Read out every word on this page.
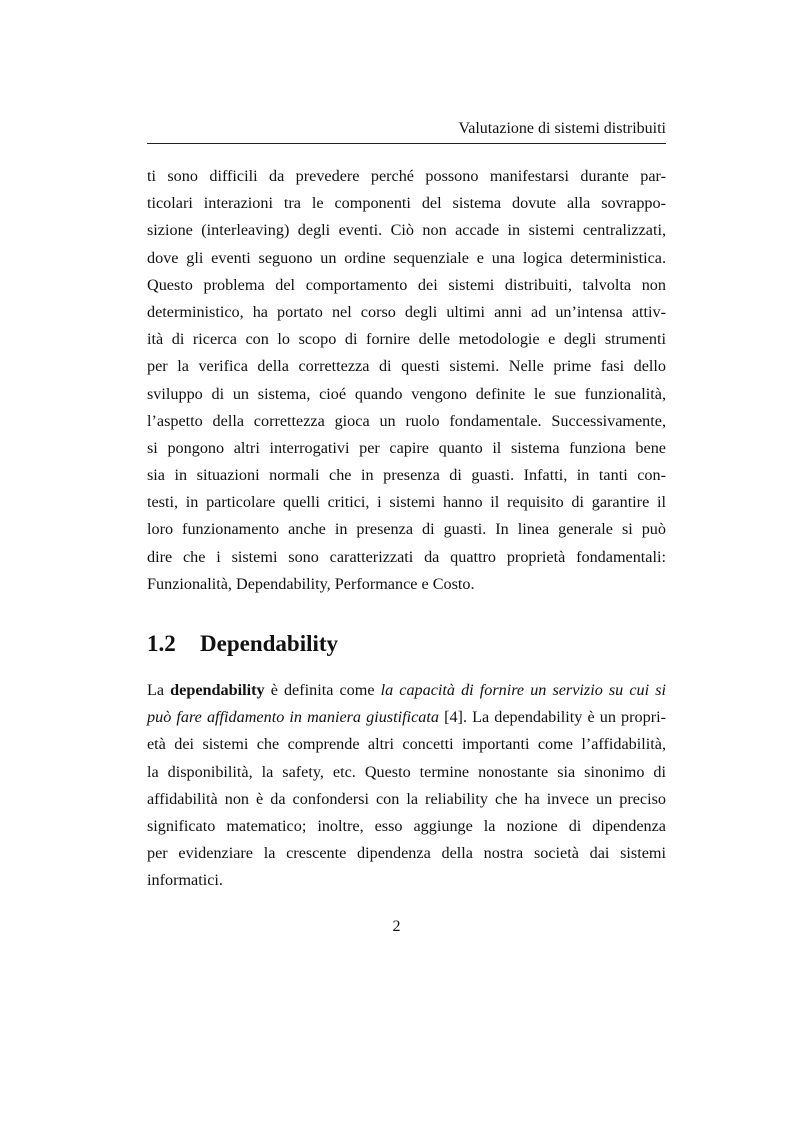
Valutazione di sistemi distribuiti

ti sono difficili da prevedere perché possono manifestarsi durante par-
ticolari interazioni tra le componenti del sistema dovute alla sovrappo-
sizione (interleaving) degli eventi. Ciò non accade in sistemi centralizzati,
dove gli eventi seguono un ordine sequenziale e una logica deterministica.
Questo problema del comportamento dei sistemi distribuiti, talvolta non
deterministico, ha portato nel corso degli ultimi anni ad un’intensa attiv-
ità di ricerca con lo scopo di fornire delle metodologie e degli strumenti
per la verifica della correttezza di questi sistemi. Nelle prime fasi dello
sviluppo di un sistema, cioé quando vengono definite le sue funzionalità,
l’aspetto della correttezza gioca un ruolo fondamentale. Successivamente,
si pongono altri interrogativi per capire quanto il sistema funziona bene
sia in situazioni normali che in presenza di guasti. Infatti, in tanti con-
testi, in particolare quelli critici, i sistemi hanno il requisito di garantire il
loro funzionamento anche in presenza di guasti. In linea generale si può
dire che i sistemi sono caratterizzati da quattro proprietà fondamentali:
Funzionalità, Dependability, Performance e Costo.

1.2 Dependability

La dependability è definita come la capacità di fornire un servizio su cui si
può fare affidamento in maniera giustificata [4]. La dependability è un propri-
età dei sistemi che comprende altri concetti importanti come l’affidabilità,
la disponibilità, la safety, etc. Questo termine nonostante sia sinonimo di
affidabilità non è da confondersi con la reliability che ha invece un preciso
significato matematico; inoltre, esso aggiunge la nozione di dipendenza
per evidenziare la crescente dipendenza della nostra società dai sistemi
informatici.

2
